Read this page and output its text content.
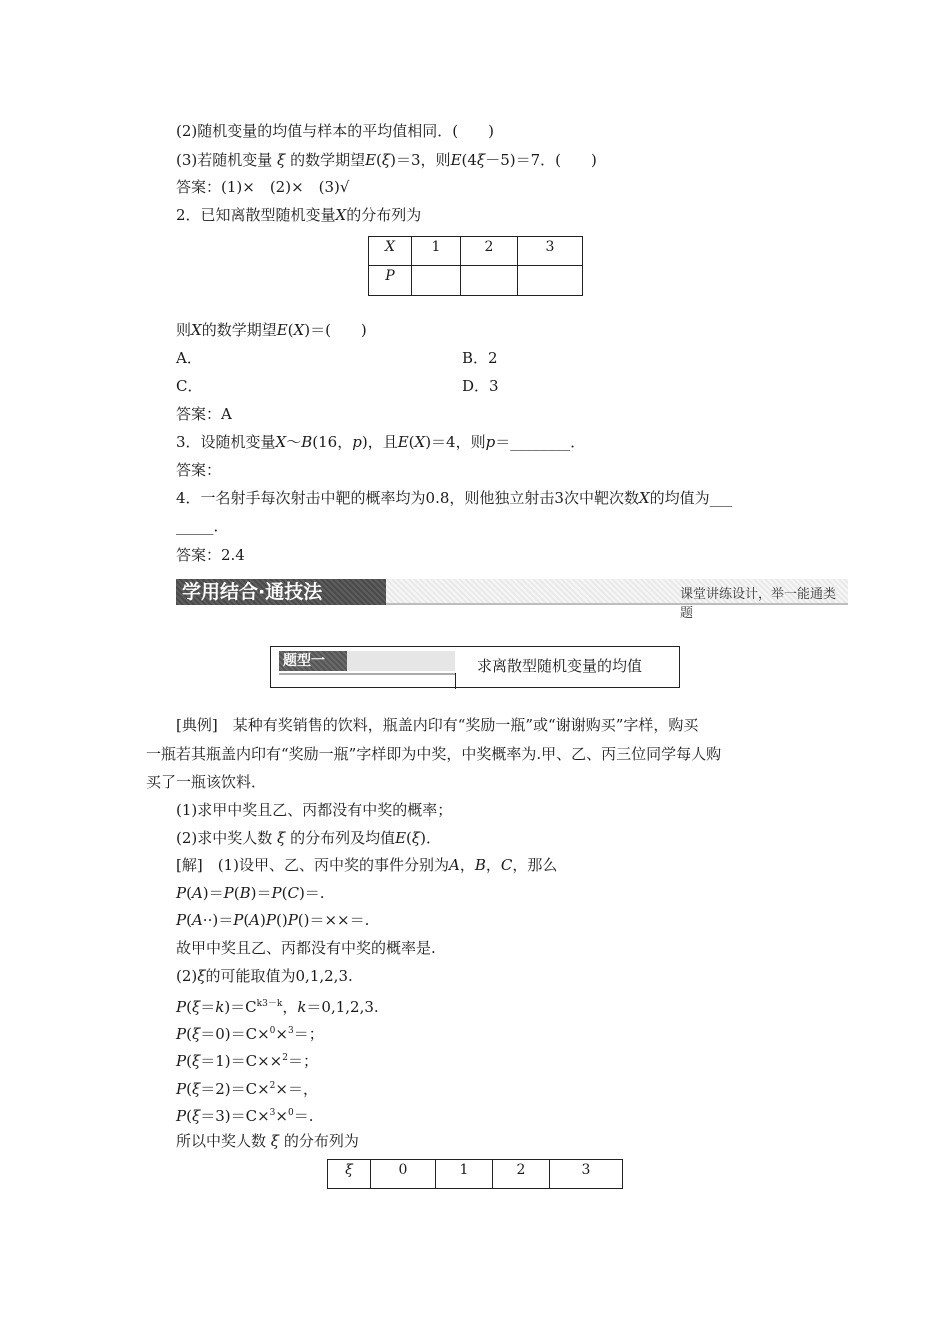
(2)随机变量的均值与样本的平均值相同．(　　)
(3)若随机变量 ξ 的数学期望E(ξ)＝3，则E(4ξ－5)＝7．(　　)
答案：(1)×　(2)×　(3)√
2．已知离散型随机变量X的分布列为
X	1	2	3
P			
则X的数学期望E(X)＝(　　)
A．	B．2
C．	D．3
答案：A
3．设随机变量X～B(16，p)，且E(X)＝4，则p＝________．
答案：
4．一名射手每次射击中靶的概率均为0.8，则他独立射击3次中靶次数X的均值为___
_____．
答案：2.4
学用结合·通技法	课堂讲练设计，举一能通类题
题型一	求离散型随机变量的均值
[典例]　某种有奖销售的饮料，瓶盖内印有“奖励一瓶”或“谢谢购买”字样，购买
一瓶若其瓶盖内印有“奖励一瓶”字样即为中奖，中奖概率为.甲、乙、丙三位同学每人购
买了一瓶该饮料．
(1)求甲中奖且乙、丙都没有中奖的概率；
(2)求中奖人数 ξ 的分布列及均值E(ξ)．
[解]　(1)设甲、乙、丙中奖的事件分别为A，B，C，那么
P(A)＝P(B)＝P(C)＝.
P(A··)＝P(A)P()P()＝××＝.
故甲中奖且乙、丙都没有中奖的概率是.
(2)ξ的可能取值为0,1,2,3.
$P(\xi=k)=C^{k3-k}$，k＝0,1,2,3.
P(ξ＝0)＝C×$^0$×$^3$＝；
P(ξ＝1)＝C××$^2$＝；
P(ξ＝2)＝C×$^2$×＝，
P(ξ＝3)＝C×$^3$×$^0$＝.
所以中奖人数 ξ 的分布列为
ξ	0	1	2	3
